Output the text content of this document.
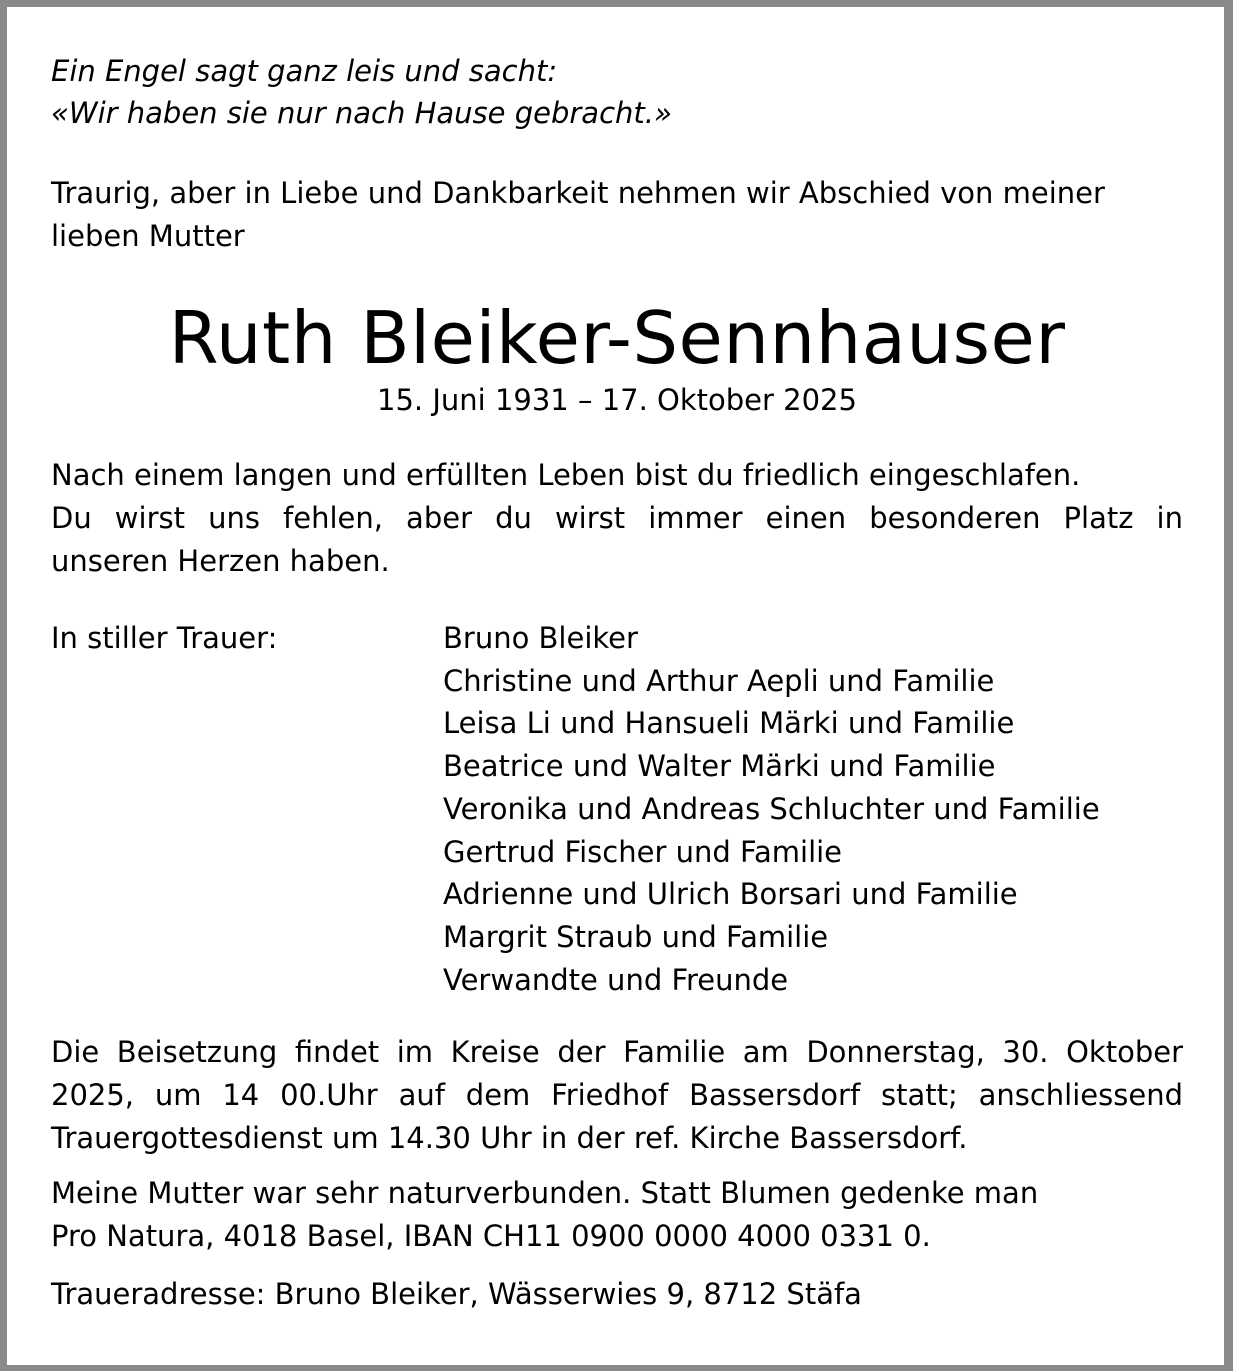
Ein Engel sagt ganz leis und sacht:
«Wir haben sie nur nach Hause gebracht.»
Traurig, aber in Liebe und Dankbarkeit nehmen wir Abschied von meiner
lieben Mutter
Ruth Bleiker-Sennhauser
15. Juni 1931 – 17. Oktober 2025
Nach einem langen und erfüllten Leben bist du friedlich eingeschlafen.
Du wirst uns fehlen, aber du wirst immer einen besonderen Platz in
unseren Herzen haben.
In stiller Trauer:	Bruno Bleiker
Christine und Arthur Aepli und Familie
Leisa Li und Hansueli Märki und Familie
Beatrice und Walter Märki und Familie
Veronika und Andreas Schluchter und Familie
Gertrud Fischer und Familie
Adrienne und Ulrich Borsari und Familie
Margrit Straub und Familie
Verwandte und Freunde
Die Beisetzung findet im Kreise der Familie am Donnerstag, 30. Oktober
2025, um 14 00.Uhr auf dem Friedhof Bassersdorf statt; anschliessend
Trauergottesdienst um 14.30 Uhr in der ref. Kirche Bassersdorf.
Meine Mutter war sehr naturverbunden. Statt Blumen gedenke man
Pro Natura, 4018 Basel, IBAN CH11 0900 0000 4000 0331 0.
Traueradresse: Bruno Bleiker, Wässerwies 9, 8712 Stäfa
